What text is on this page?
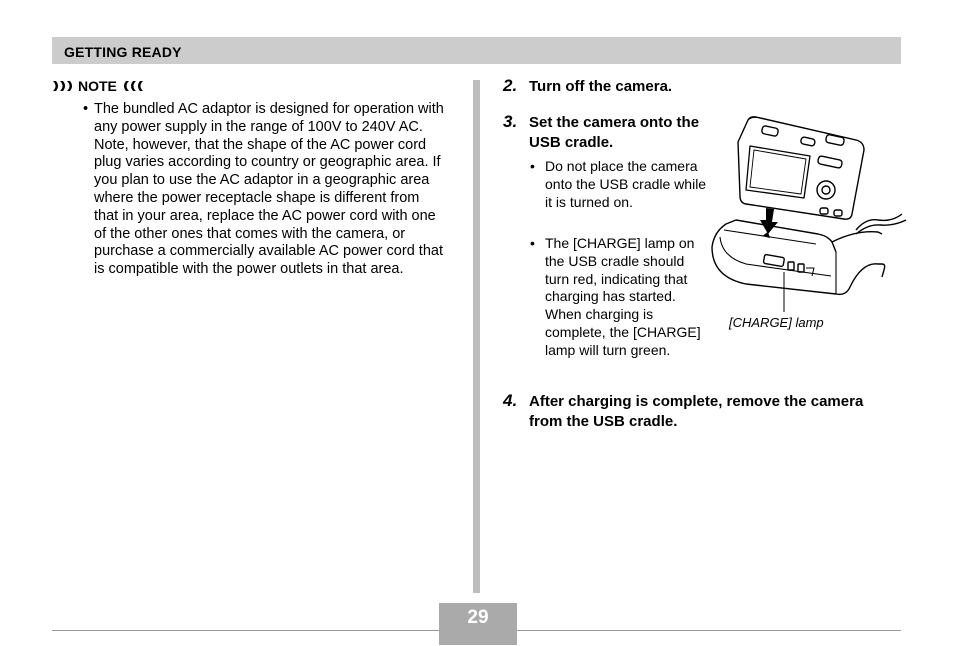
GETTING READY
NOTE
• The bundled AC adaptor is designed for operation with any power supply in the range of 100V to 240V AC. Note, however, that the shape of the AC power cord plug varies according to country or geographic area. If you plan to use the AC adaptor in a geographic area where the power receptacle shape is different from that in your area, replace the AC power cord with one of the other ones that comes with the camera, or purchase a commercially available AC power cord that is compatible with the power outlets in that area.
2. Turn off the camera.
3. Set the camera onto the USB cradle.
• Do not place the camera onto the USB cradle while it is turned on.
• The [CHARGE] lamp on the USB cradle should turn red, indicating that charging has started. When charging is complete, the [CHARGE] lamp will turn green.
4. After charging is complete, remove the camera from the USB cradle.
[CHARGE] lamp
29
